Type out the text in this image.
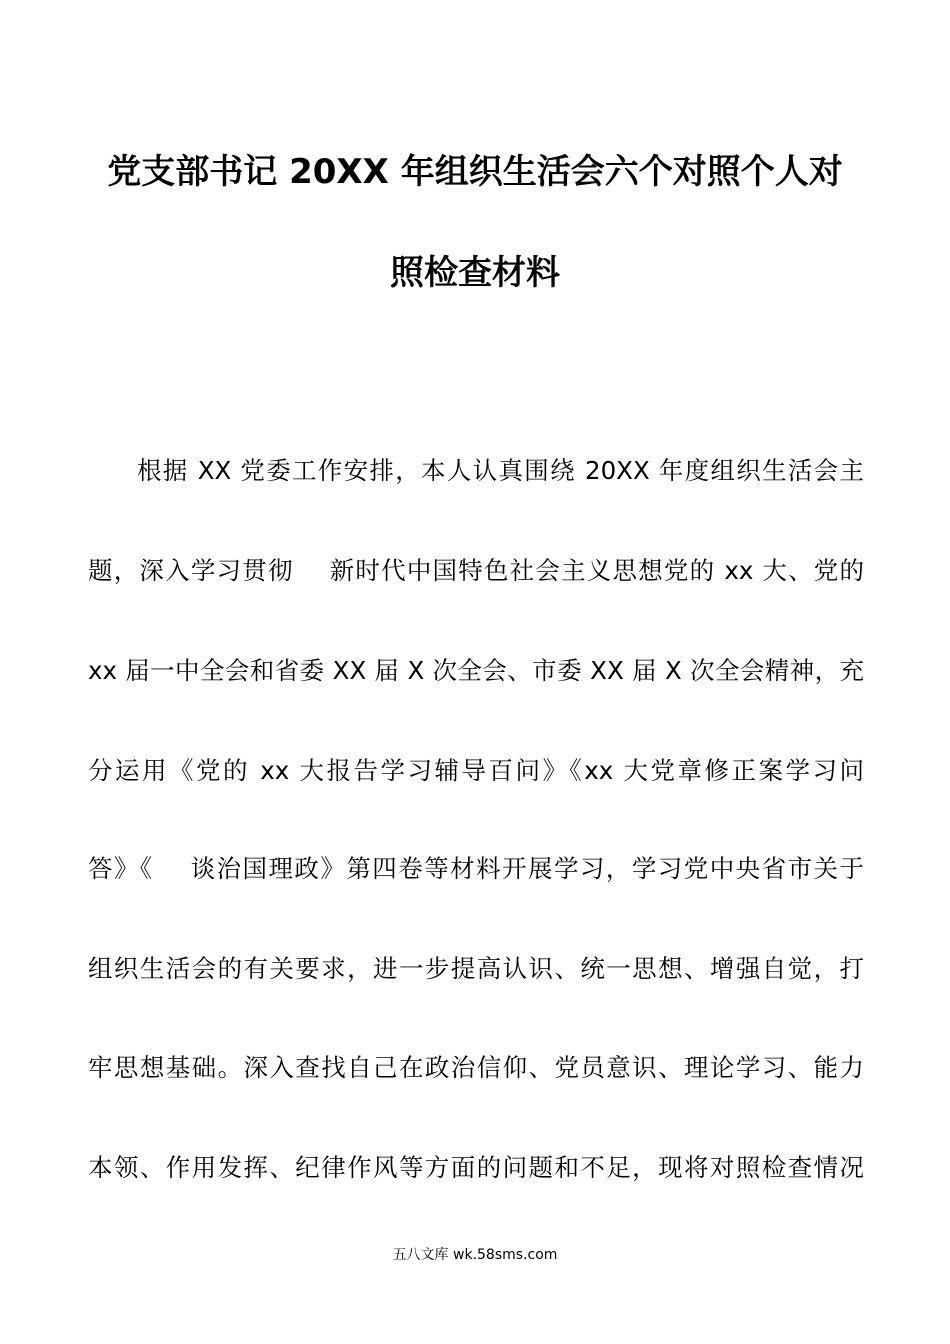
党支部书记 20XX 年组织生活会六个对照个人对
照检查材料
根据 XX 党委工作安排，本人认真围绕 20XX 年度组织生活会主
题，深入学习贯彻    新时代中国特色社会主义思想党的 xx 大、党的
xx 届一中全会和省委 XX 届 X 次全会、市委 XX 届 X 次全会精神，充
分运用《党的 xx 大报告学习辅导百问》《xx 大党章修正案学习问
答》《    谈治国理政》第四卷等材料开展学习，学习党中央省市关于
组织生活会的有关要求，进一步提高认识、统一思想、增强自觉，打
牢思想基础。深入查找自己在政治信仰、党员意识、理论学习、能力
本领、作用发挥、纪律作风等方面的问题和不足，现将对照检查情况
五八文库 wk.58sms.com
